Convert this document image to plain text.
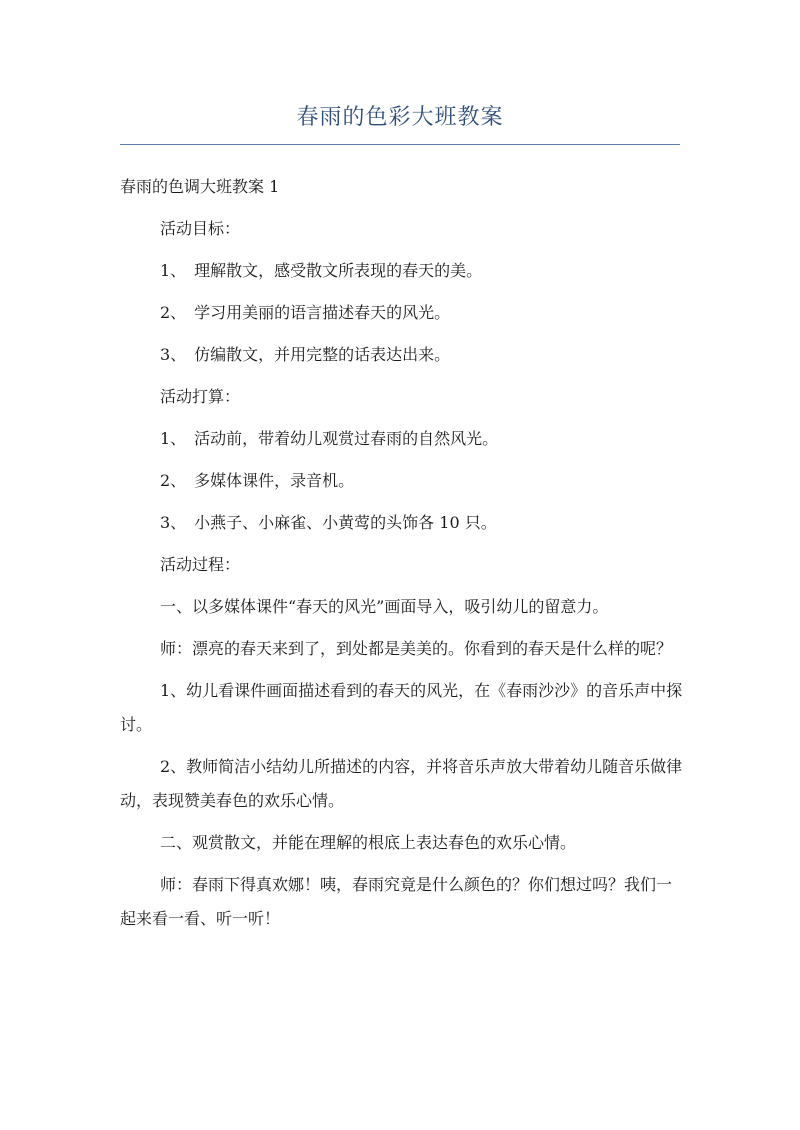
春雨的色彩大班教案

春雨的色调大班教案 1

活动目标：

1、　理解散文，感受散文所表现的春天的美。

2、　学习用美丽的语言描述春天的风光。

3、　仿编散文，并用完整的话表达出来。

活动打算：

1、　活动前，带着幼儿观赏过春雨的自然风光。

2、　多媒体课件，录音机。

3、　小燕子、小麻雀、小黄莺的头饰各 10 只。

活动过程：

一、以多媒体课件“春天的风光”画面导入，吸引幼儿的留意力。

师：漂亮的春天来到了，到处都是美美的。你看到的春天是什么样的呢？

1、幼儿看课件画面描述看到的春天的风光，在《春雨沙沙》的音乐声中探讨。

2、教师简洁小结幼儿所描述的内容，并将音乐声放大带着幼儿随音乐做律动，表现赞美春色的欢乐心情。

二、观赏散文，并能在理解的根底上表达春色的欢乐心情。

师：春雨下得真欢娜！咦，春雨究竟是什么颜色的？你们想过吗？我们一起来看一看、听一听！
